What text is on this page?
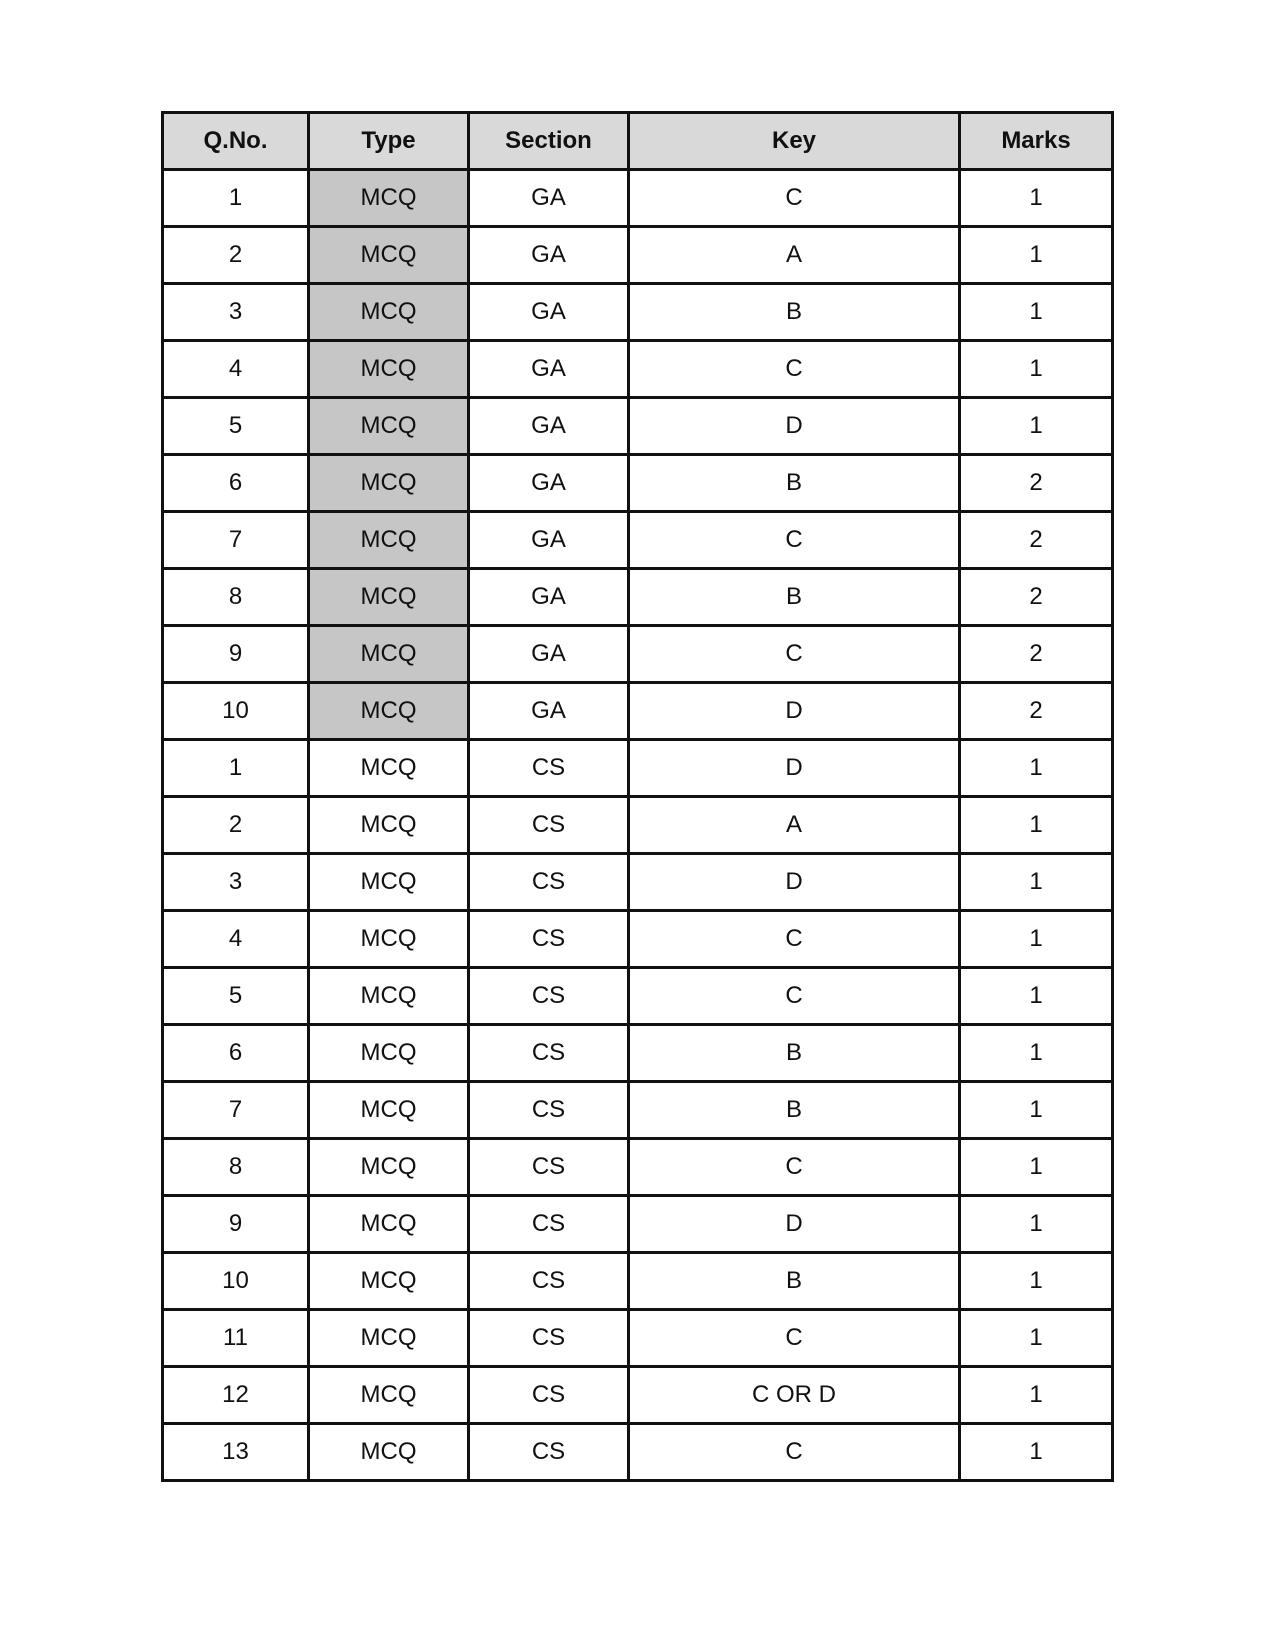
Q.No.	Type	Section	Key	Marks
1	MCQ	GA	C	1
2	MCQ	GA	A	1
3	MCQ	GA	B	1
4	MCQ	GA	C	1
5	MCQ	GA	D	1
6	MCQ	GA	B	2
7	MCQ	GA	C	2
8	MCQ	GA	B	2
9	MCQ	GA	C	2
10	MCQ	GA	D	2
1	MCQ	CS	D	1
2	MCQ	CS	A	1
3	MCQ	CS	D	1
4	MCQ	CS	C	1
5	MCQ	CS	C	1
6	MCQ	CS	B	1
7	MCQ	CS	B	1
8	MCQ	CS	C	1
9	MCQ	CS	D	1
10	MCQ	CS	B	1
11	MCQ	CS	C	1
12	MCQ	CS	C OR D	1
13	MCQ	CS	C	1
